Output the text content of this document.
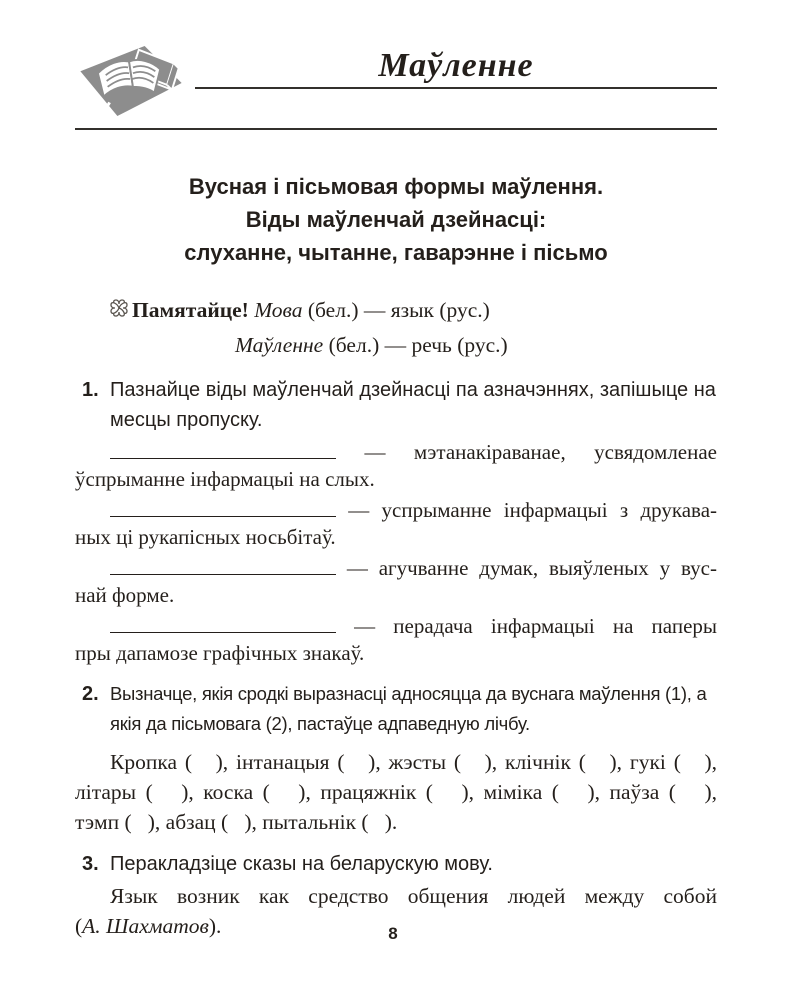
Маўленне
Вусная і пісьмовая формы маўлення.
Віды маўленчай дзейнасці:
слуханне, чытанне, гаварэнне і пісьмо
Памятайце! Мова (бел.) — язык (рус.)
Маўленне (бел.) — речь (рус.)
1. Пазнайце віды маўленчай дзейнасці па азначэннях, запішыце на месцы пропуску.
— мэтанакіраванае, усвядомленае
ўспрыманне інфармацыі на слых.
— успрыманне інфармацыі з друкава-
ных ці рукапісных носьбітаў.
— агучванне думак, выяўленых у вус-
най форме.
— перадача інфармацыі на паперы
пры дапамозе графічных знакаў.
2. Вызначце, якія сродкі выразнасці адносяцца да вуснага маўлення (1), а якія да пісьмовага (2), пастаўце адпаведную лічбу.
Кропка (   ), інтанацыя (   ), жэсты (   ), клічнік (   ), гукі (   ),
літары (   ), коска (   ), працяжнік (   ), міміка (   ), паўза (   ),
тэмп (   ), абзац (   ), пытальнік (   ).
3. Перакладзіце сказы на беларускую мову.
Язык возник как средство общения людей между собой
(А. Шахматов).	8
